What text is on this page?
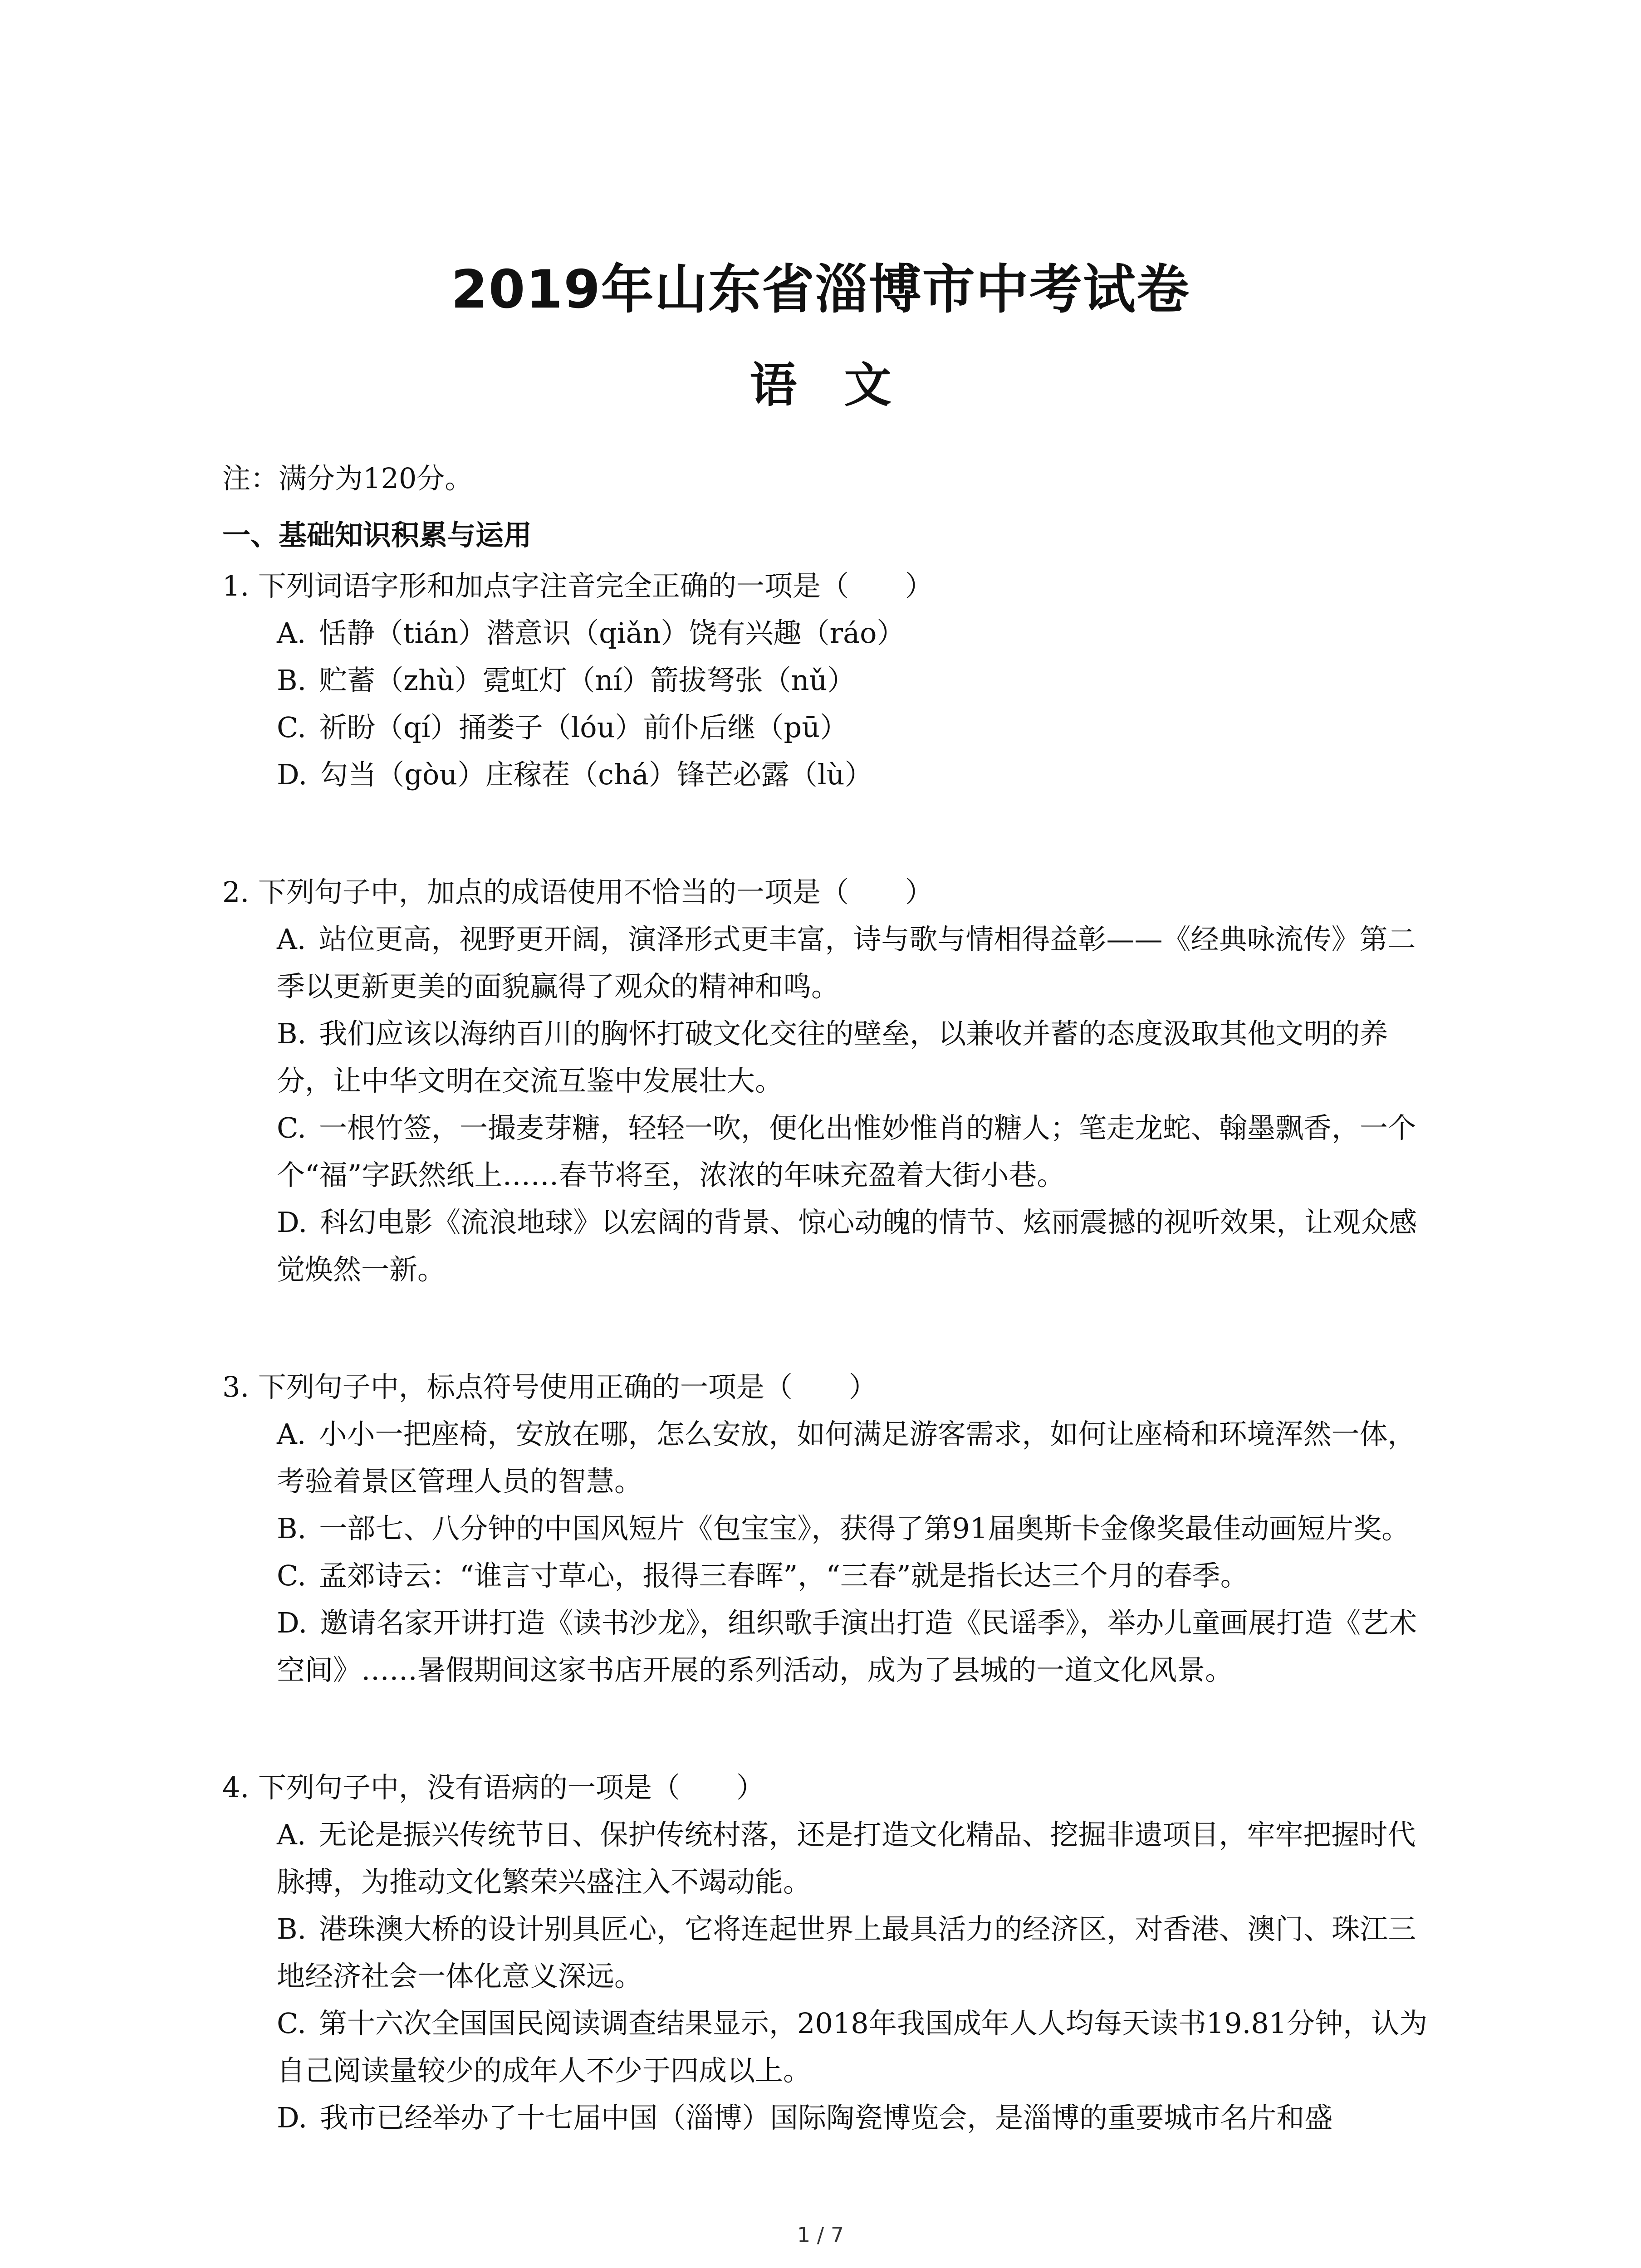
2019年山东省淄博市中考试卷
语　文
注：满分为120分。
一、基础知识积累与运用
1. 下列词语字形和加点字注音完全正确的一项是（　　）
A. 恬静（tián）潜意识（qiǎn）饶有兴趣（ráo）
B. 贮蓄（zhù）霓虹灯（ní）箭拔弩张（nǔ）
C. 祈盼（qí）捅娄子（lóu）前仆后继（pū）
D. 勾当（gòu）庄稼茬（chá）锋芒必露（lù）
2. 下列句子中，加点的成语使用不恰当的一项是（　　）
A. 站位更高，视野更开阔，演泽形式更丰富，诗与歌与情相得益彰——《经典咏流传》第二季以更新更美的面貌赢得了观众的精神和鸣。
B. 我们应该以海纳百川的胸怀打破文化交往的壁垒，以兼收并蓄的态度汲取其他文明的养分，让中华文明在交流互鉴中发展壮大。
C. 一根竹签，一撮麦芽糖，轻轻一吹，便化出惟妙惟肖的糖人；笔走龙蛇、翰墨飘香，一个个“福”字跃然纸上……春节将至，浓浓的年味充盈着大街小巷。
D. 科幻电影《流浪地球》以宏阔的背景、惊心动魄的情节、炫丽震撼的视听效果，让观众感觉焕然一新。
3. 下列句子中，标点符号使用正确的一项是（　　）
A. 小小一把座椅，安放在哪，怎么安放，如何满足游客需求，如何让座椅和环境浑然一体，考验着景区管理人员的智慧。
B. 一部七、八分钟的中国风短片《包宝宝》，获得了第91届奥斯卡金像奖最佳动画短片奖。
C. 孟郊诗云：“谁言寸草心，报得三春晖”，“三春”就是指长达三个月的春季。
D. 邀请名家开讲打造《读书沙龙》，组织歌手演出打造《民谣季》，举办儿童画展打造《艺术空间》……暑假期间这家书店开展的系列活动，成为了县城的一道文化风景。
4. 下列句子中，没有语病的一项是（　　）
A. 无论是振兴传统节日、保护传统村落，还是打造文化精品、挖掘非遗项目，牢牢把握时代脉搏，为推动文化繁荣兴盛注入不竭动能。
B. 港珠澳大桥的设计别具匠心，它将连起世界上最具活力的经济区，对香港、澳门、珠江三地经济社会一体化意义深远。
C. 第十六次全国国民阅读调查结果显示，2018年我国成年人人均每天读书19.81分钟，认为自己阅读量较少的成年人不少于四成以上。
D. 我市已经举办了十七届中国（淄博）国际陶瓷博览会，是淄博的重要城市名片和盛
1 / 7
